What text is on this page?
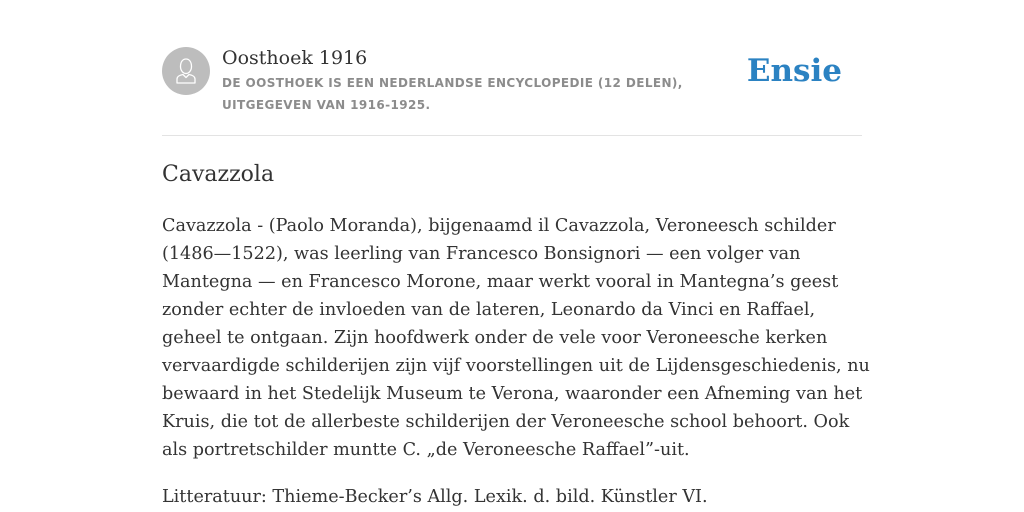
Oosthoek 1916
DE OOSTHOEK IS EEN NEDERLANDSE ENCYCLOPEDIE (12 DELEN), UITGEGEVEN VAN 1916-1925.
Ensie
Cavazzola

Cavazzola - (Paolo Moranda), bijgenaamd il Cavazzola, Veroneesch schilder (1486—1522), was leerling van Francesco Bonsignori — een volger van Mantegna — en Francesco Morone, maar werkt vooral in Mantegna’s geest zonder echter de invloeden van de lateren, Leonardo da Vinci en Raffael, geheel te ontgaan. Zijn hoofdwerk onder de vele voor Veroneesche kerken vervaardigde schilderijen zijn vijf voorstellingen uit de Lijdensgeschiedenis, nu bewaard in het Stedelijk Museum te Verona, waaronder een Afneming van het Kruis, die tot de allerbeste schilderijen der Veroneesche school behoort. Ook als portretschilder muntte C. „de Veroneesche Raffael”-uit.

Litteratuur: Thieme-Becker’s Allg. Lexik. d. bild. Künstler VI.
